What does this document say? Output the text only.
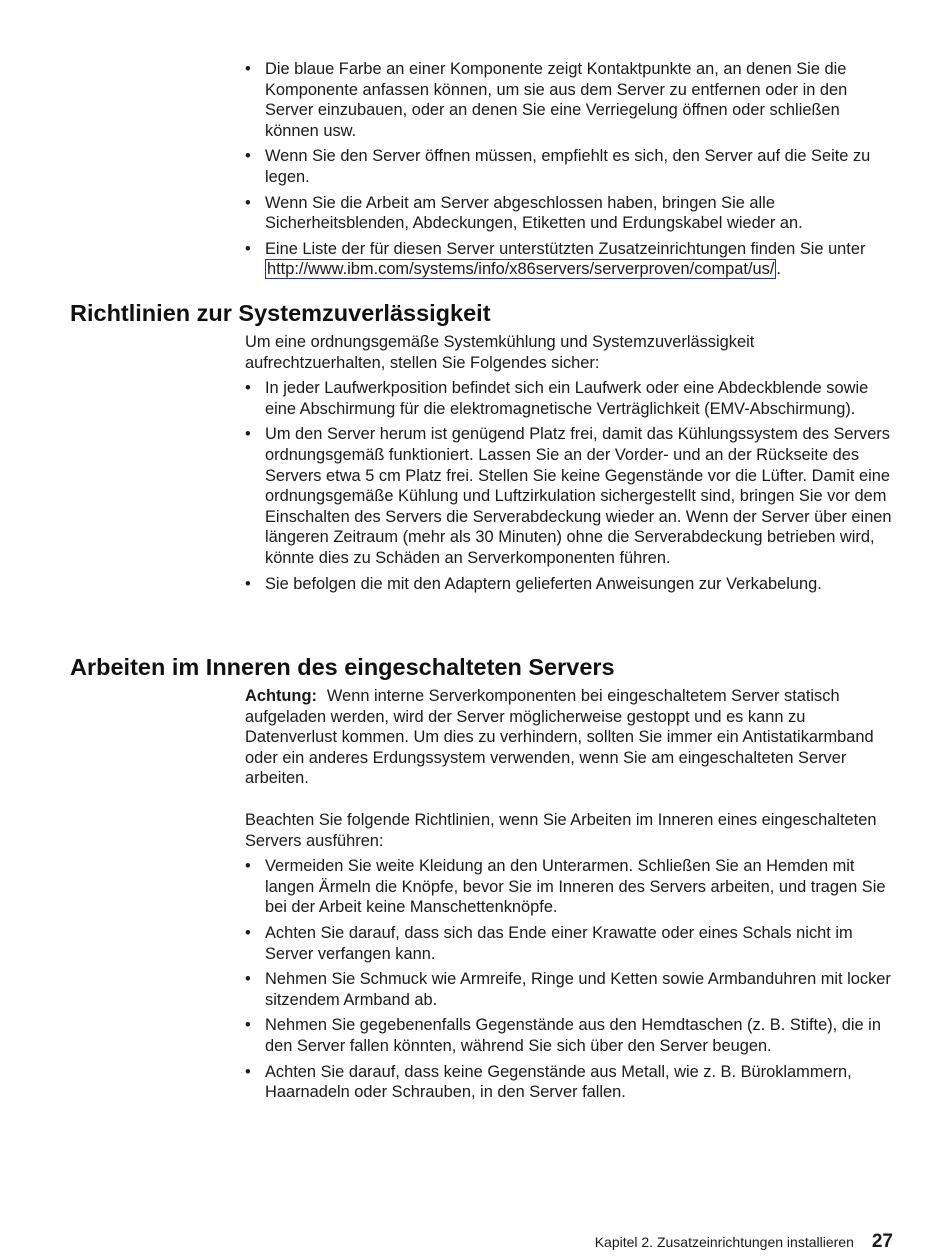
• Die blaue Farbe an einer Komponente zeigt Kontaktpunkte an, an denen Sie die Komponente anfassen können, um sie aus dem Server zu entfernen oder in den Server einzubauen, oder an denen Sie eine Verriegelung öffnen oder schließen können usw.
• Wenn Sie den Server öffnen müssen, empfiehlt es sich, den Server auf die Seite zu legen.
• Wenn Sie die Arbeit am Server abgeschlossen haben, bringen Sie alle Sicherheitsblenden, Abdeckungen, Etiketten und Erdungskabel wieder an.
• Eine Liste der für diesen Server unterstützten Zusatzeinrichtungen finden Sie unter http://www.ibm.com/systems/info/x86servers/serverproven/compat/us/ .
Richtlinien zur Systemzuverlässigkeit

Um eine ordnungsgemäße Systemkühlung und Systemzuverlässigkeit aufrechtzuerhalten, stellen Sie Folgendes sicher:

• In jeder Laufwerkposition befindet sich ein Laufwerk oder eine Abdeckblende sowie eine Abschirmung für die elektromagnetische Verträglichkeit (EMV-Abschirmung).
• Um den Server herum ist genügend Platz frei, damit das Kühlungssystem des Servers ordnungsgemäß funktioniert. Lassen Sie an der Vorder- und an der Rückseite des Servers etwa 5 cm Platz frei. Stellen Sie keine Gegenstände vor die Lüfter. Damit eine ordnungsgemäße Kühlung und Luftzirkulation sichergestellt sind, bringen Sie vor dem Einschalten des Servers die Serverabdeckung wieder an. Wenn der Server über einen längeren Zeitraum (mehr als 30 Minuten) ohne die Serverabdeckung betrieben wird, könnte dies zu Schäden an Serverkomponenten führen.
• Sie befolgen die mit den Adaptern gelieferten Anweisungen zur Verkabelung.
Arbeiten im Inneren des eingeschalteten Servers

Achtung: Wenn interne Serverkomponenten bei eingeschaltetem Server statisch aufgeladen werden, wird der Server möglicherweise gestoppt und es kann zu Datenverlust kommen. Um dies zu verhindern, sollten Sie immer ein Antistatikarmband oder ein anderes Erdungssystem verwenden, wenn Sie am eingeschalteten Server arbeiten.

Beachten Sie folgende Richtlinien, wenn Sie Arbeiten im Inneren eines eingeschalteten Servers ausführen:

• Vermeiden Sie weite Kleidung an den Unterarmen. Schließen Sie an Hemden mit langen Ärmeln die Knöpfe, bevor Sie im Inneren des Servers arbeiten, und tragen Sie bei der Arbeit keine Manschettenknöpfe.
• Achten Sie darauf, dass sich das Ende einer Krawatte oder eines Schals nicht im Server verfangen kann.
• Nehmen Sie Schmuck wie Armreife, Ringe und Ketten sowie Armbanduhren mit locker sitzendem Armband ab.
• Nehmen Sie gegebenenfalls Gegenstände aus den Hemdtaschen (z. B. Stifte), die in den Server fallen könnten, während Sie sich über den Server beugen.
• Achten Sie darauf, dass keine Gegenstände aus Metall, wie z. B. Büroklammern, Haarnadeln oder Schrauben, in den Server fallen.
Kapitel 2. Zusatzeinrichtungen installieren 27
